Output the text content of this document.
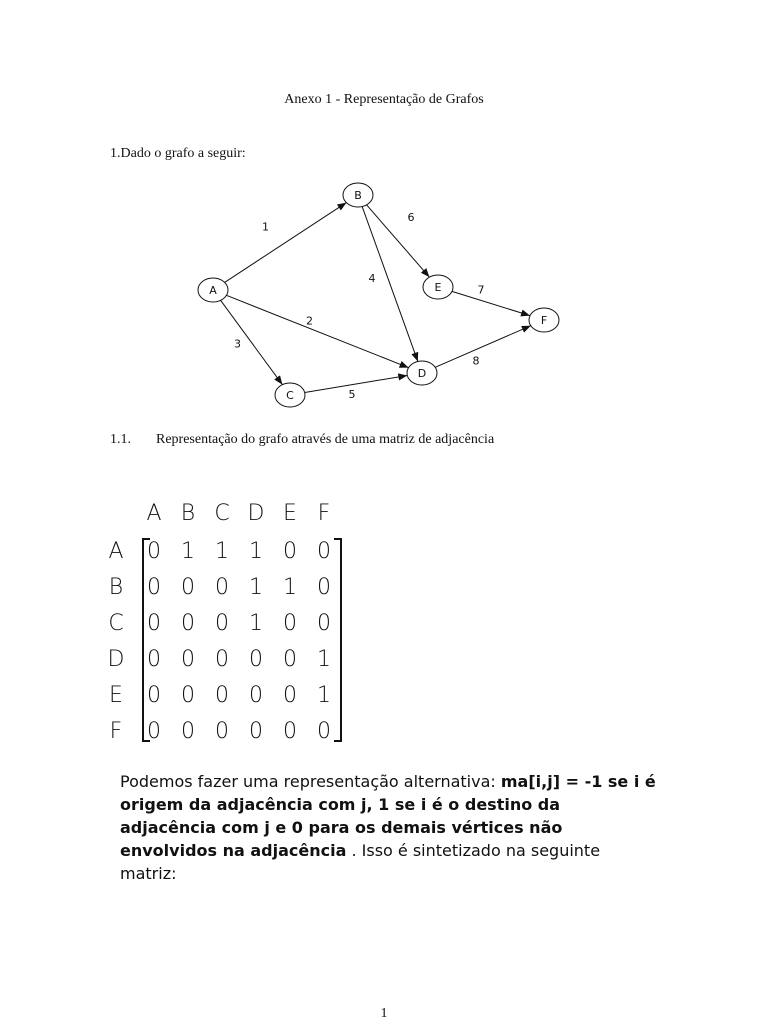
Anexo 1 - Representação de Grafos
1.Dado o grafo a seguir:
1
2
3
4
5
6
7
8
A
B
C
D
E
F
1.1. Representação do grafo através de uma matriz de adjacência
A B C D E F
A
B
C
D
E
F
0 1 1 1 0 0
0 0 0 1 1 0
0 0 0 1 0 0
0 0 0 0 0 1
0 0 0 0 0 1
0 0 0 0 0 0
Podemos fazer uma representação alternativa: ma[i,j] = -1 se i é origem da adjacência com j, 1 se i é o destino da adjacência com j e 0 para os demais vértices não envolvidos na adjacência . Isso é sintetizado na seguinte matriz:
1
